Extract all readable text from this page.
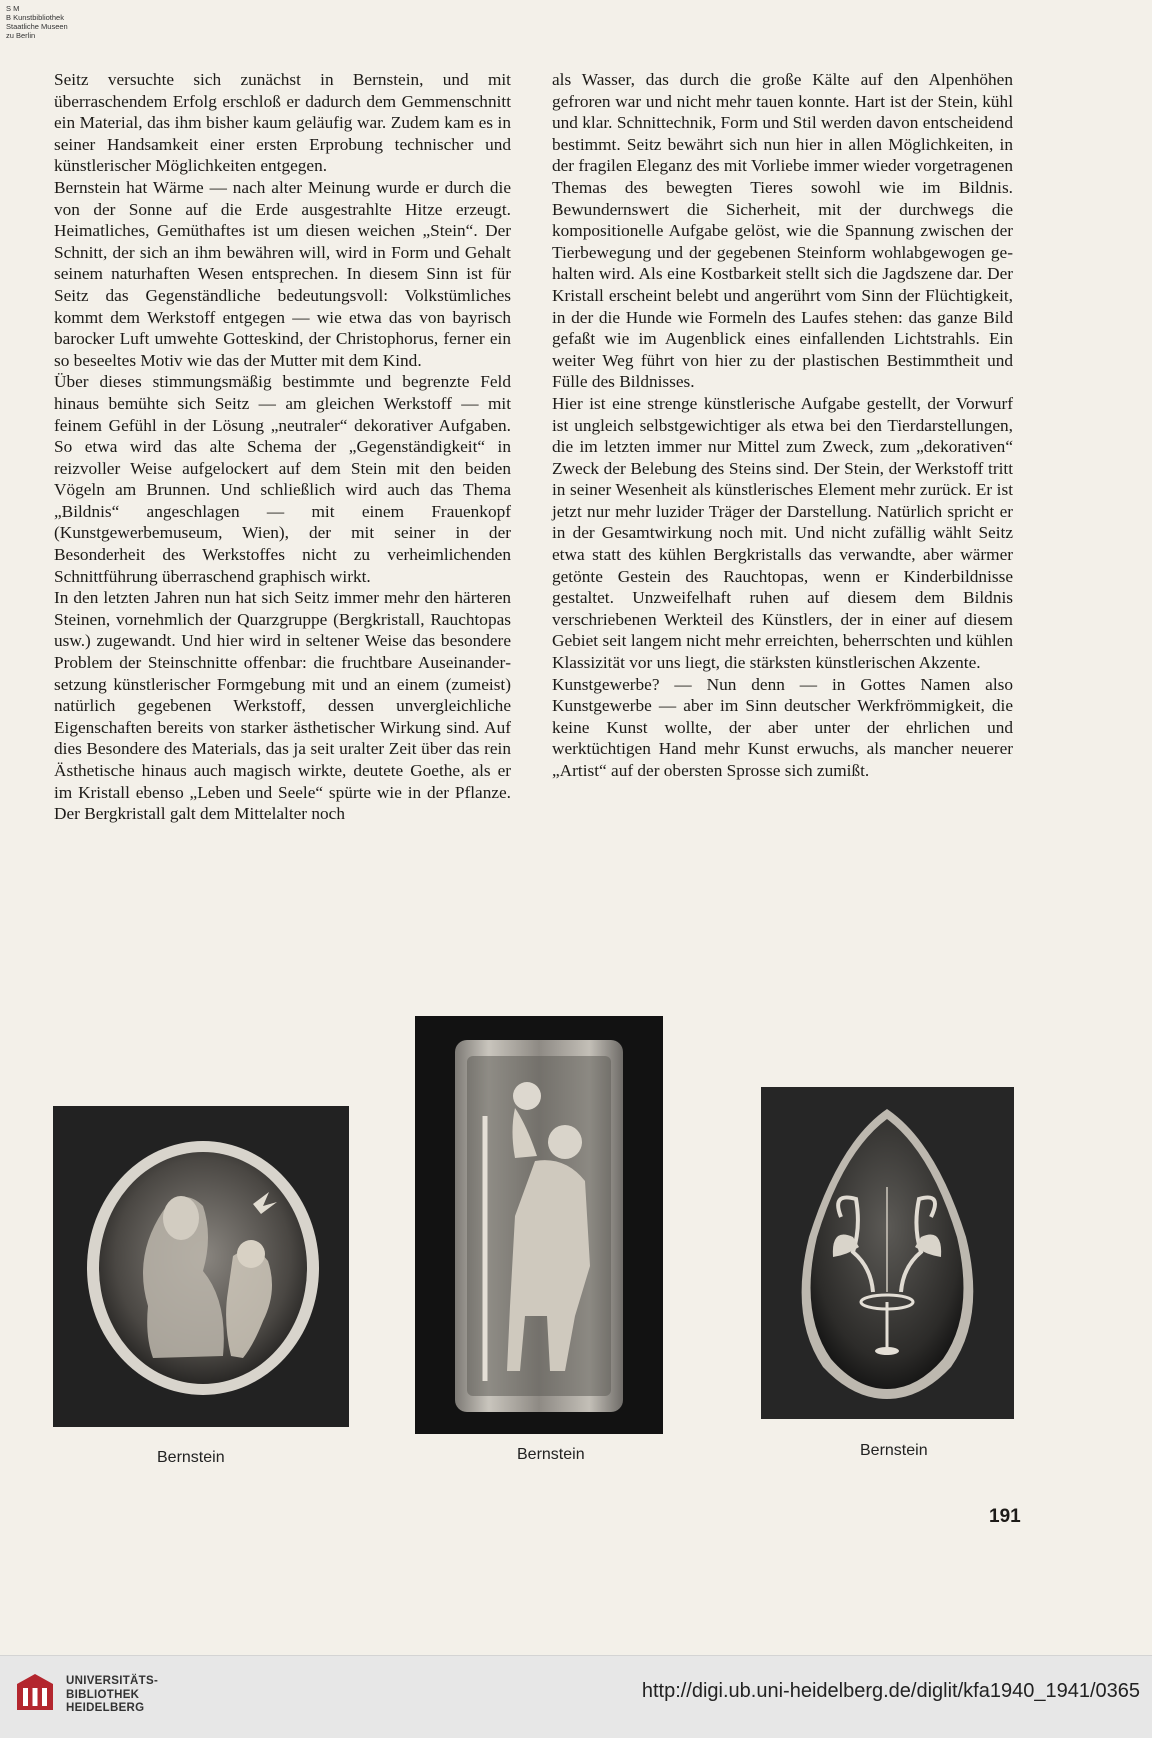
S M
B Kunstbibliothek
Staatliche Museen
zu Berlin

Seitz versuchte sich zunächst in Bernstein, und mit überraschendem Erfolg erschloß er dadurch dem Gemmenschnitt ein Material, das ihm bisher kaum geläufig war. Zudem kam es in seiner Handsamkeit einer ersten Erprobung technischer und künstlerischer Möglichkeiten entgegen.

Bernstein hat Wärme — nach alter Meinung wurde er durch die von der Sonne auf die Erde ausgestrahlte Hitze erzeugt. Heimatliches, Gemüthaftes ist um diesen weichen „Stein“. Der Schnitt, der sich an ihm bewähren will, wird in Form und Gehalt seinem naturhaften Wesen entsprechen. In diesem Sinn ist für Seitz das Gegenständliche bedeutungsvoll: Volkstümliches kommt dem Werkstoff entgegen — wie etwa das von bayrisch barocker Luft umwehte Gotteskind, der Christophorus, ferner ein so beseeltes Motiv wie das der Mutter mit dem Kind.

Über dieses stimmungsmäßig bestimmte und begrenzte Feld hinaus bemühte sich Seitz — am gleichen Werkstoff — mit feinem Gefühl in der Lösung „neutraler“ dekorativer Aufgaben. So etwa wird das alte Schema der „Gegenständigkeit“ in reizvoller Weise aufgelockert auf dem Stein mit den beiden Vögeln am Brunnen. Und schließlich wird auch das Thema „Bildnis“ angeschlagen — mit einem Frauenkopf (Kunstgewerbemuseum, Wien), der mit seiner in der Besonderheit des Werkstoffes nicht zu verheimlichenden Schnittführung überraschend graphisch wirkt.

In den letzten Jahren nun hat sich Seitz immer mehr den härteren Steinen, vornehmlich der Quarzgruppe (Bergkristall, Rauchtopas usw.) zugewandt. Und hier wird in seltener Weise das besondere Problem der Steinschnitte offenbar: die fruchtbare Auseinandersetzung künstlerischer Formgebung mit und an einem (zumeist) natürlich gegebenen Werkstoff, dessen unvergleichliche Eigenschaften bereits von starker ästhetischer Wirkung sind. Auf dies Besondere des Materials, das ja seit uralter Zeit über das rein Ästhetische hinaus auch magisch wirkte, deutete Goethe, als er im Kristall ebenso „Leben und Seele“ spürte wie in der Pflanze. Der Bergkristall galt dem Mittelalter noch

als Wasser, das durch die große Kälte auf den Alpenhöhen gefroren war und nicht mehr tauen konnte. Hart ist der Stein, kühl und klar. Schnittechnik, Form und Stil werden davon entscheidend bestimmt. Seitz bewährt sich nun hier in allen Möglichkeiten, in der fragilen Eleganz des mit Vorliebe immer wieder vorgetragenen Themas des bewegten Tieres sowohl wie im Bildnis. Bewundernswert die Sicherheit, mit der durchwegs die kompositionelle Aufgabe gelöst, wie die Spannung zwischen der Tierbewegung und der gegebenen Steinform wohlabgewogen gehalten wird. Als eine Kostbarkeit stellt sich die Jagdszene dar. Der Kristall erscheint belebt und angerührt vom Sinn der Flüchtigkeit, in der die Hunde wie Formeln des Laufes stehen: das ganze Bild gefaßt wie im Augenblick eines einfallenden Lichtstrahls. Ein weiter Weg führt von hier zu der plastischen Bestimmtheit und Fülle des Bildnisses.

Hier ist eine strenge künstlerische Aufgabe gestellt, der Vorwurf ist ungleich selbstgewichtiger als etwa bei den Tierdarstellungen, die im letzten immer nur Mittel zum Zweck, zum „dekorativen“ Zweck der Belebung des Steins sind. Der Stein, der Werkstoff tritt in seiner Wesenheit als künstlerisches Element mehr zurück. Er ist jetzt nur mehr luzider Träger der Darstellung. Natürlich spricht er in der Gesamtwirkung noch mit. Und nicht zufällig wählt Seitz etwa statt des kühlen Bergkristalls das verwandte, aber wärmer getönte Gestein des Rauchtopas, wenn er Kinderbildnisse gestaltet. Unzweifelhaft ruhen auf diesem dem Bildnis verschriebenen Werkteil des Künstlers, der in einer auf diesem Gebiet seit langem nicht mehr erreichten, beherrschten und kühlen Klassizität vor uns liegt, die stärksten künstlerischen Akzente.

Kunstgewerbe? — Nun denn — in Gottes Namen also Kunstgewerbe — aber im Sinn deutscher Werkfrömmigkeit, die keine Kunst wollte, der aber unter der ehrlichen und werktüchtigen Hand mehr Kunst erwuchs, als mancher neuerer „Artist“ auf der obersten Sprosse sich zumißt.

Bernstein	Bernstein	Bernstein
191
UNIVERSITÄTS-
BIBLIOTHEK
HEIDELBERG
http://digi.ub.uni-heidelberg.de/diglit/kfa1940_1941/0365
